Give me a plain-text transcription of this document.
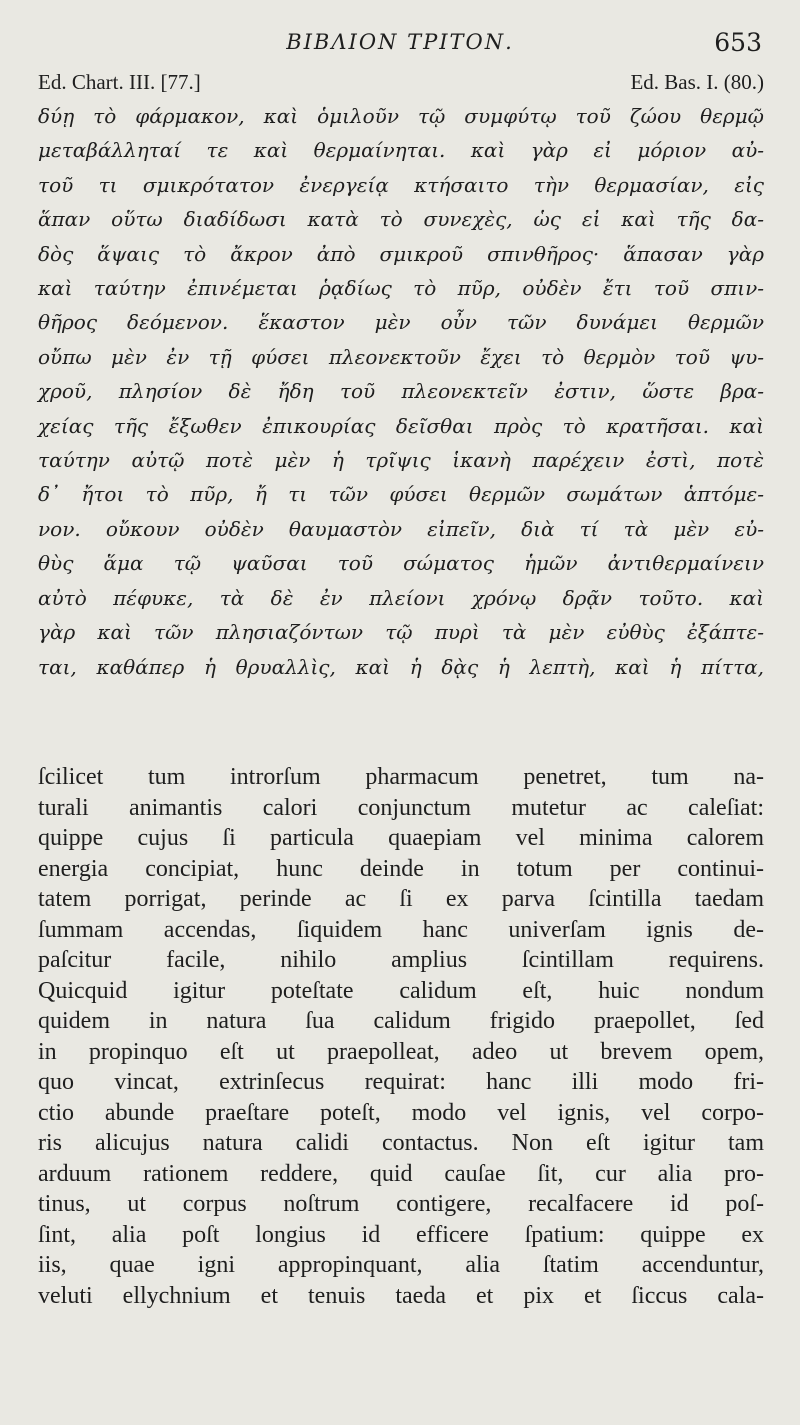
ΒΙΒΛΙΟΝ ΤΡΙΤΟΝ.	653
Ed. Chart. III. [77.]	Ed. Bas. I. (80.)
δύῃ τὸ φάρμακον, καὶ ὁμιλοῦν τῷ συμφύτῳ τοῦ ζώου θερμῷ
μεταβάλληταί τε καὶ θερμαίνηται. καὶ γὰρ εἰ μόριον αὐ-
τοῦ τι σμικρότατον ἐνεργείᾳ κτήσαιτο τὴν θερμασίαν, εἰς
ἅπαν οὕτω διαδίδωσι κατὰ τὸ συνεχὲς, ὡς εἰ καὶ τῆς δα-
δὸς ἅψαις τὸ ἄκρον ἀπὸ σμικροῦ σπινθῆρος· ἅπασαν γὰρ
καὶ ταύτην ἐπινέμεται ῥᾳδίως τὸ πῦρ, οὐδὲν ἔτι τοῦ σπιν-
θῆρος δεόμενον. ἕκαστον μὲν οὖν τῶν δυνάμει θερμῶν
οὔπω μὲν ἐν τῇ φύσει πλεονεκτοῦν ἔχει τὸ θερμὸν τοῦ ψυ-
χροῦ, πλησίον δὲ ἤδη τοῦ πλεονεκτεῖν ἐστιν, ὥστε βρα-
χείας τῆς ἔξωθεν ἐπικουρίας δεῖσθαι πρὸς τὸ κρατῆσαι. καὶ
ταύτην αὐτῷ ποτὲ μὲν ἡ τρῖψις ἱκανὴ παρέχειν ἐστὶ, ποτὲ
δ᾽ ἤτοι τὸ πῦρ, ἤ τι τῶν φύσει θερμῶν σωμάτων ἁπτόμε-
νον. οὔκουν οὐδὲν θαυμαστὸν εἰπεῖν, διὰ τί τὰ μὲν εὐ-
θὺς ἅμα τῷ ψαῦσαι τοῦ σώματος ἡμῶν ἀντιθερμαίνειν
αὐτὸ πέφυκε, τὰ δὲ ἐν πλείονι χρόνῳ δρᾷν τοῦτο. καὶ
γὰρ καὶ τῶν πλησιαζόντων τῷ πυρὶ τὰ μὲν εὐθὺς ἐξάπτε-
ται, καθάπερ ἡ θρυαλλὶς, καὶ ἡ δᾲς ἡ λεπτὴ, καὶ ἡ πίττα,
ſcilicet tum introrſum pharmacum penetret, tum na-
turali animantis calori conjunctum mutetur ac caleſiat:
quippe cujus ſi particula quaepiam vel minima calorem
energia concipiat, hunc deinde in totum per continui-
tatem porrigat, perinde ac ſi ex parva ſcintilla taedam
ſummam accendas, ſiquidem hanc univerſam ignis de-
paſcitur facile, nihilo amplius ſcintillam requirens.
Quicquid igitur poteſtate calidum eſt, huic nondum
quidem in natura ſua calidum frigido praepollet, ſed
in propinquo eſt ut praepolleat, adeo ut brevem opem,
quo vincat, extrinſecus requirat: hanc illi modo fri-
ctio abunde praeſtare poteſt, modo vel ignis, vel corpo-
ris alicujus natura calidi contactus. Non eſt igitur tam
arduum rationem reddere, quid cauſae ſit, cur alia pro-
tinus, ut corpus noſtrum contigere, recalfacere id poſ-
ſint, alia poſt longius id efficere ſpatium: quippe ex
iis, quae igni appropinquant, alia ſtatim accenduntur,
veluti ellychnium et tenuis taeda et pix et ſiccus cala-
